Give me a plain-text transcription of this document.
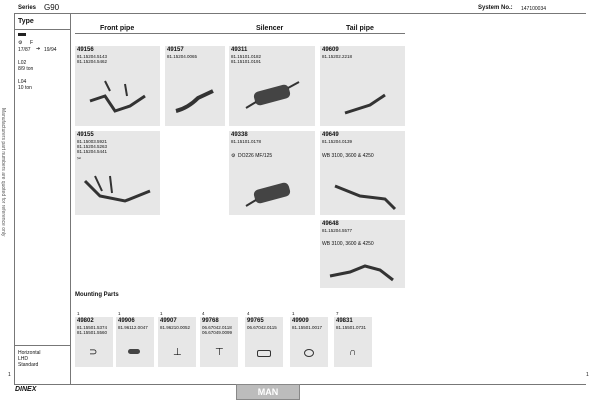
Series G90	System No.: 147100034
Manufacturers part numbers are quoted for reference only
Type
⚙ F
17/87 ➔ 19/94
L02
8/9 ton
L04
10 ton
Front pipe	Silencer	Tail pipe
49156
81.15204.5143
81.15204.5462
49157
81.15204.0065
49311
81.15101.0182
81.15101.0191
49609
81.15202.2218
49155
81.15003.5921
81.15204.5263
81.15204.5441
✂
49338
81.15101.0178
⚙ DO226 MF/125
49649
81.15204.0139
WB 3100, 3600 & 4250
49648
81.15204.5577
WB 3100, 3600 & 4250
Mounting Parts
1
49802
81.15501.5374
81.15501.5560
⊃
1
49906
81.96112.0047
1
49907
81.96210.0052
⊥
4
99768
06.67042.0118
06.67049.0099
⊤
4
99765
06.67042.0115
1
49909
81.15501.0017
7
49831
81.15501.0731
∩
Horizontal
LHD
Standard
DINEX	MAN
1	1
